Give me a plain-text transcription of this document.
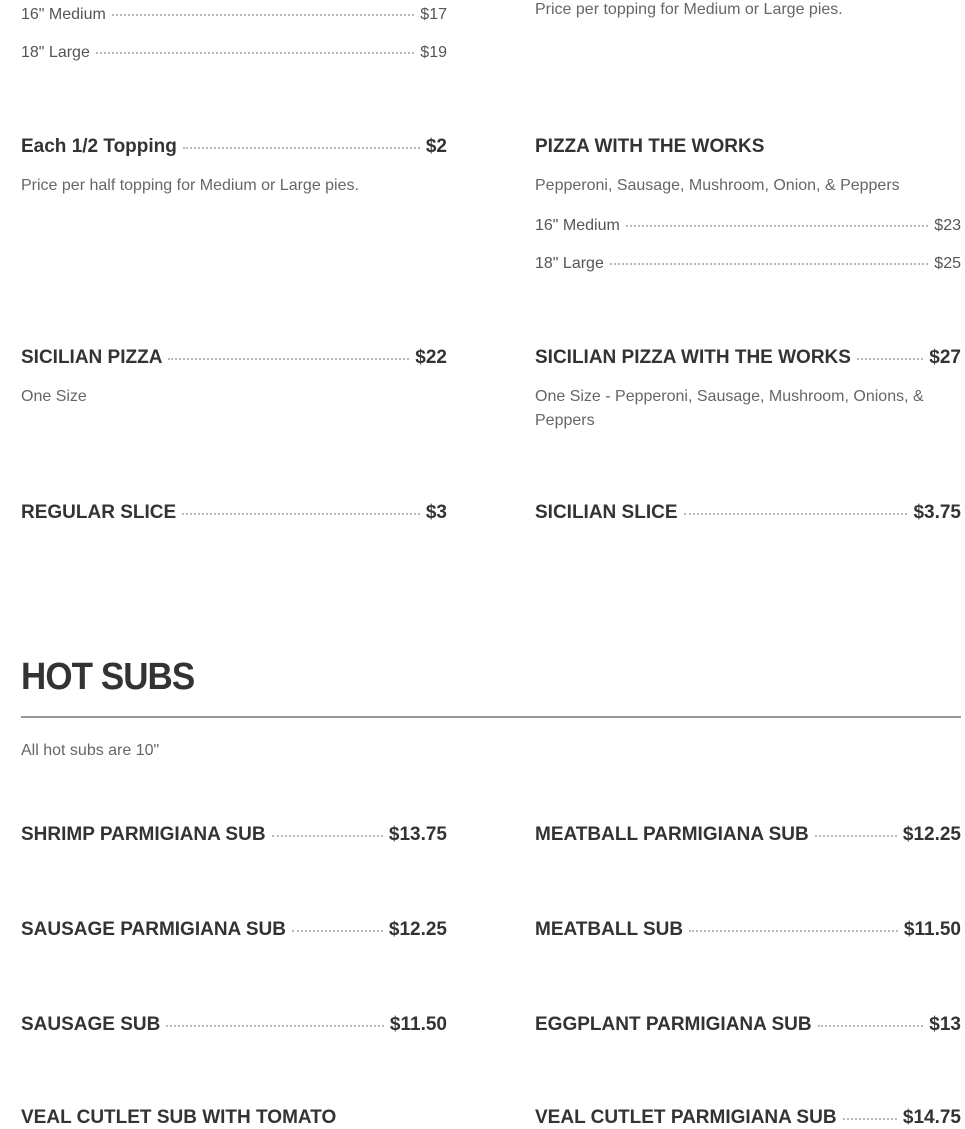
16" Medium	$17
18" Large	$19
Price per topping for Medium or Large pies.
Each 1/2 Topping	$2
Price per half topping for Medium or Large pies.
PIZZA WITH THE WORKS
Pepperoni, Sausage, Mushroom, Onion, & Peppers
16" Medium	$23
18" Large	$25
SICILIAN PIZZA	$22
One Size
SICILIAN PIZZA WITH THE WORKS	$27
One Size - Pepperoni, Sausage, Mushroom, Onions, & Peppers
REGULAR SLICE	$3	SICILIAN SLICE	$3.75
HOT SUBS
All hot subs are 10"
SHRIMP PARMIGIANA SUB	$13.75	MEATBALL PARMIGIANA SUB	$12.25
SAUSAGE PARMIGIANA SUB	$12.25	MEATBALL SUB	$11.50
SAUSAGE SUB	$11.50	EGGPLANT PARMIGIANA SUB	$13
VEAL CUTLET SUB WITH TOMATO	VEAL CUTLET PARMIGIANA SUB	$14.75
